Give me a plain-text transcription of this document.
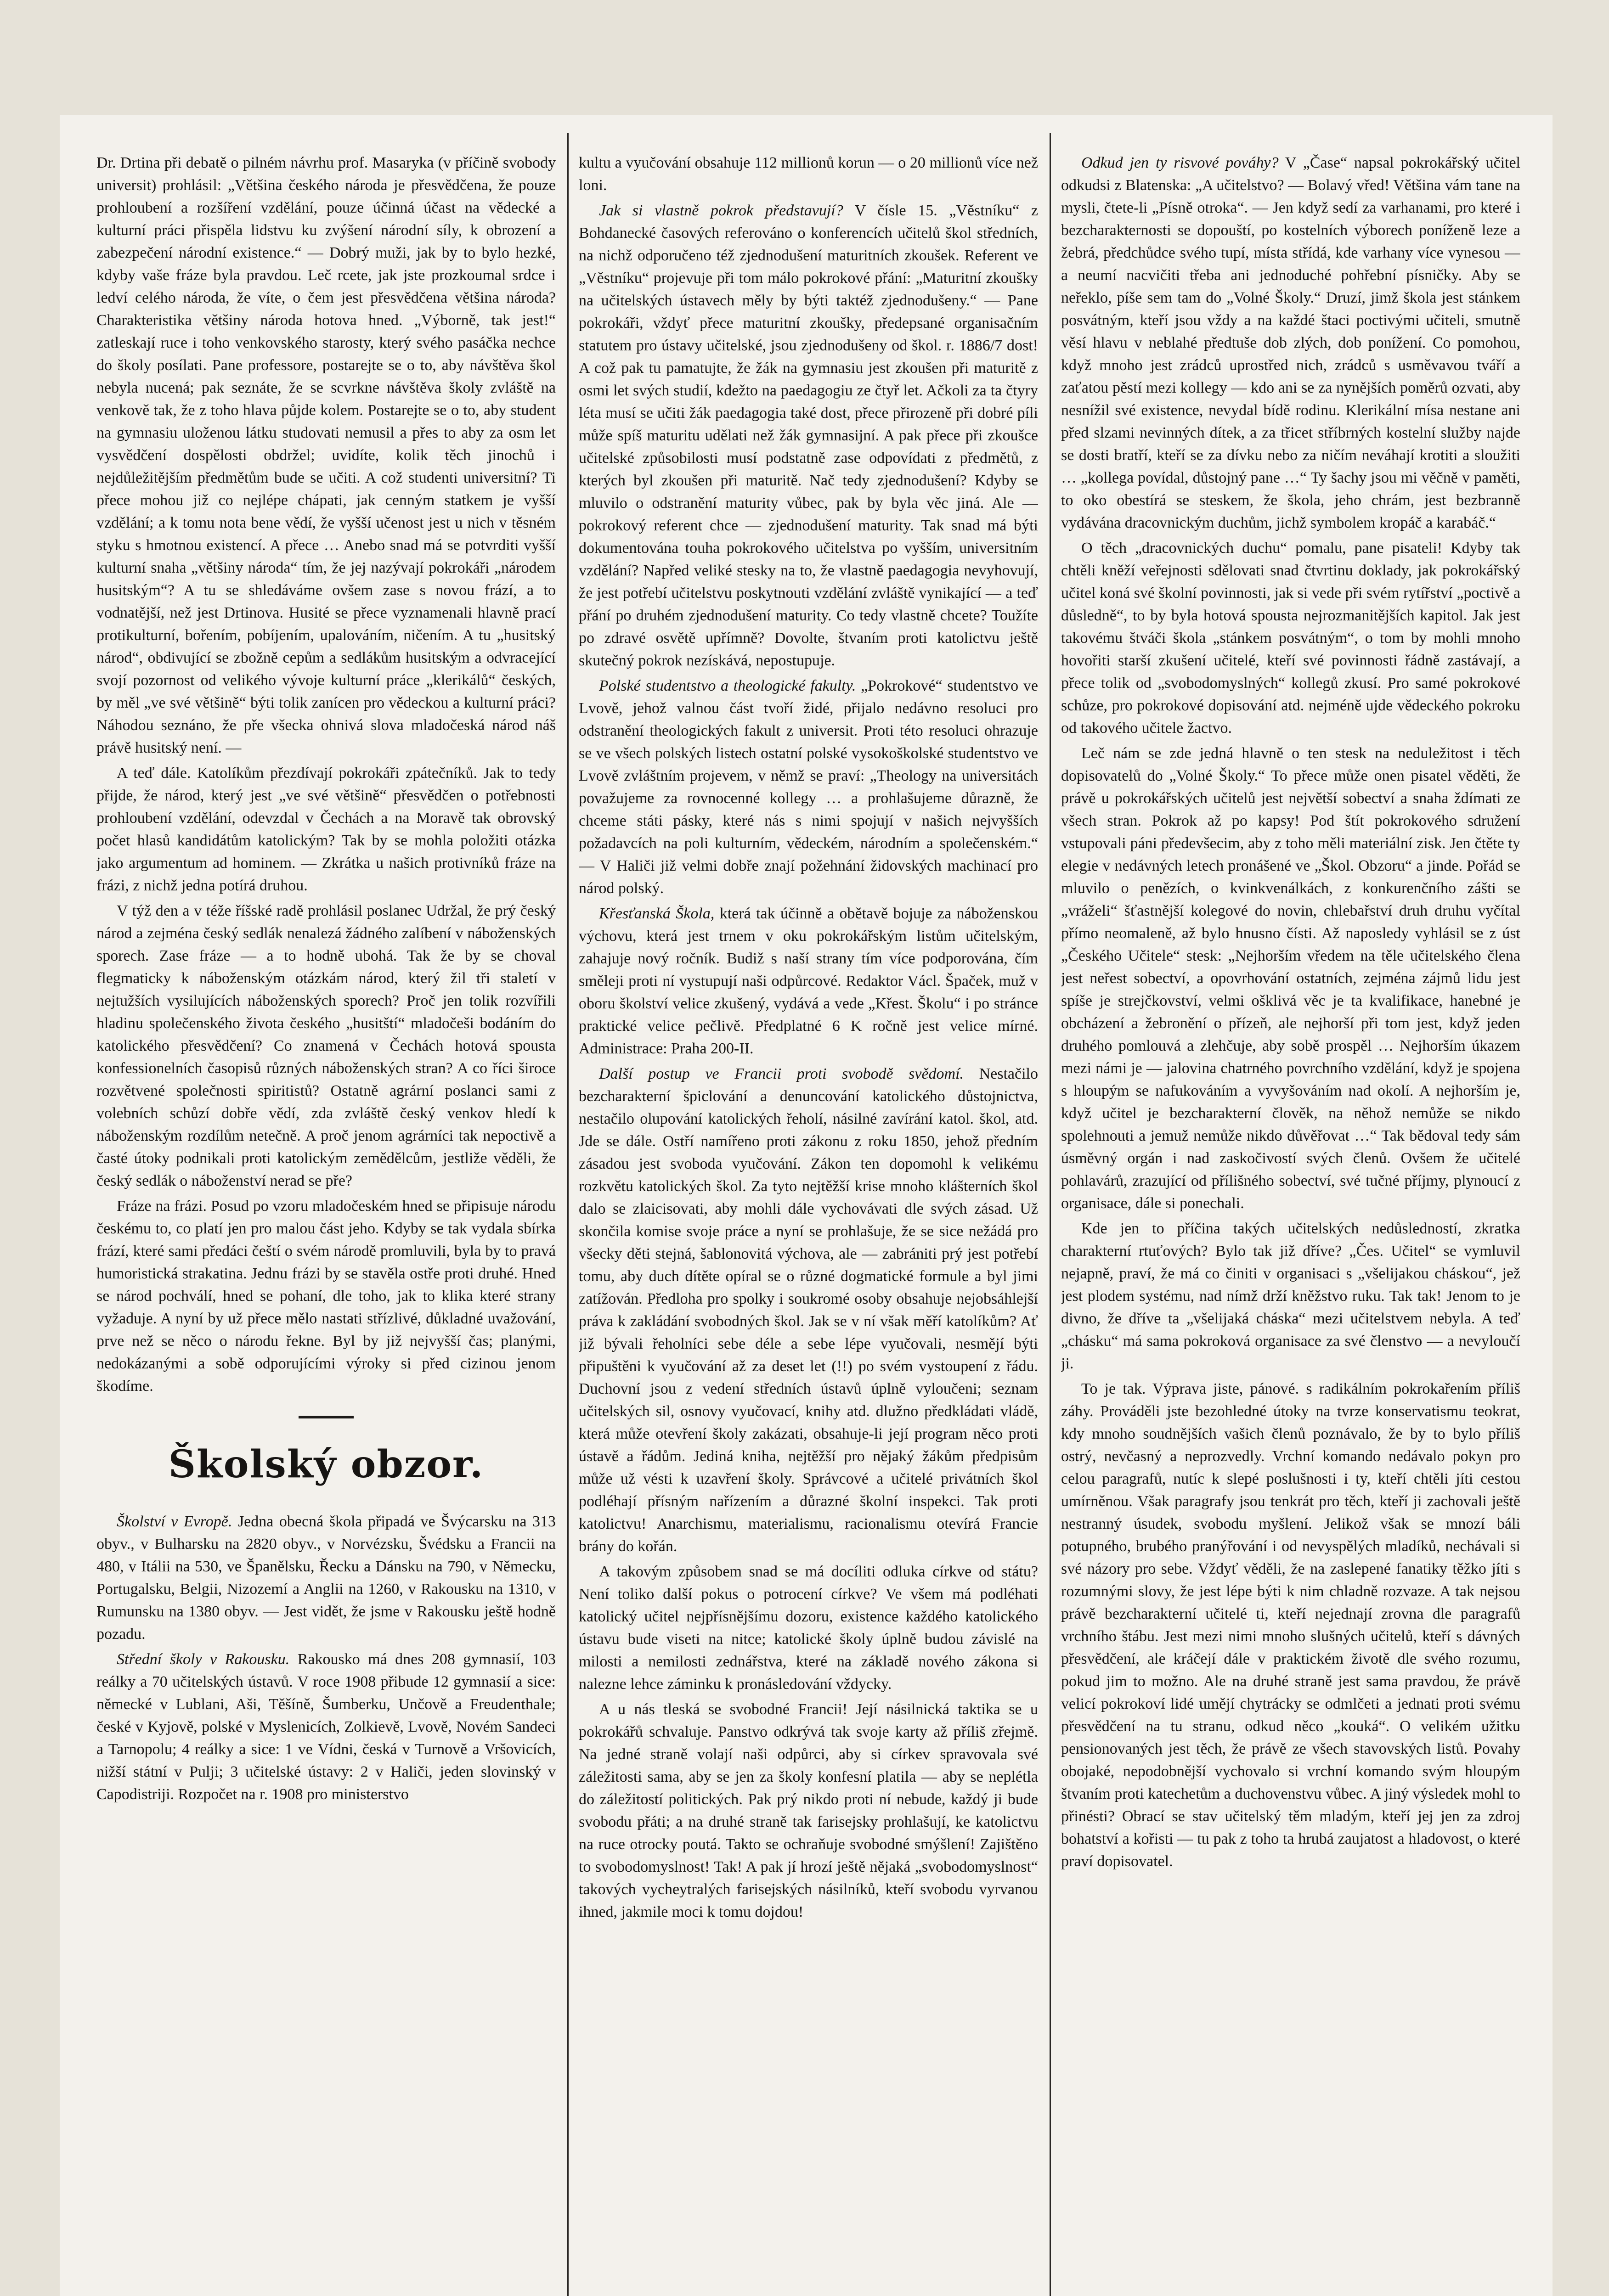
Dr. Drtina při debatě o pilném návrhu prof. Masaryka (v příčině svobody universit) prohlásil: „Většina českého národa je přesvědčena, že pouze prohloubení a rozšíření vzdělání, pouze účinná účast na vědecké a kulturní práci přispěla lidstvu ku zvýšení národní síly, k obrození a zabezpečení národní existence.“ — Dobrý muži, jak by to bylo hezké, kdyby vaše fráze byla pravdou. Leč rcete, jak jste prozkoumal srdce i ledví celého národa, že víte, o čem jest přesvědčena většina národa? Charakteristika většiny národa hotova hned. „Výborně, tak jest!“ zatleskají ruce i toho venkovského starosty, který svého pasáčka nechce do školy posílati. Pane professore, postarejte se o to, aby návštěva škol nebyla nucená; pak seznáte, že se scvrkne návštěva školy zvláště na venkově tak, že z toho hlava půjde kolem. Postarejte se o to, aby student na gymnasiu uloženou látku studovati nemusil a přes to aby za osm let vysvědčení dospělosti obdržel; uvidíte, kolik těch jinochů i nejdůležitějším předmětům bude se učiti. A což studenti universitní? Ti přece mohou již co nejlépe chápati, jak cenným statkem je vyšší vzdělání; a k tomu nota bene vědí, že vyšší učenost jest u nich v těsném styku s hmotnou existencí. A přece … Anebo snad má se potvrditi vyšší kulturní snaha „většiny národa“ tím, že jej nazývají pokrokáři „národem husitským“? A tu se shledáváme ovšem zase s novou frází, a to vodnatější, než jest Drtinova. Husité se přece vyznamenali hlavně prací protikulturní, bořením, pobíjením, upalováním, ničením. A tu „husitský národ“, obdivující se zbožně cepům a sedlákům husitským a odvracející svojí pozornost od velikého vývoje kulturní práce „klerikálů“ českých, by měl „ve své většině“ býti tolik zanícen pro vědeckou a kulturní práci? Náhodou seznáno, že pře všecka ohnivá slova mladočeská národ náš právě husitský není. —

A teď dále. Katolíkům přezdívají pokrokáři zpátečníků. Jak to tedy přijde, že národ, který jest „ve své většině“ přesvědčen o potřebnosti prohloubení vzdělání, odevzdal v Čechách a na Moravě tak obrovský počet hlasů kandidátům katolickým? Tak by se mohla položiti otázka jako argumentum ad hominem. — Zkrátka u našich protivníků fráze na frázi, z nichž jedna potírá druhou.

V týž den a v téže říšské radě prohlásil poslanec Udržal, že prý český národ a zejména český sedlák nenalezá žádného zalíbení v náboženských sporech. Zase fráze — a to hodně ubohá. Tak že by se choval flegmaticky k náboženským otázkám národ, který žil tři staletí v nejtužších vysilujících náboženských sporech? Proč jen tolik rozvířili hladinu společenského života českého „husitští“ mladočeši bodáním do katolického přesvědčení? Co znamená v Čechách hotová spousta konfessionelních časopisů různých náboženských stran? A co říci široce rozvětvené společnosti spiritistů? Ostatně agrární poslanci sami z volebních schůzí dobře vědí, zda zvláště český venkov hledí k náboženským rozdílům netečně. A proč jenom agrárníci tak nepoctivě a časté útoky podnikali proti katolickým zemědělcům, jestliže věděli, že český sedlák o náboženství nerad se pře?

Fráze na frázi. Posud po vzoru mladočeském hned se připisuje národu českému to, co platí jen pro malou část jeho. Kdyby se tak vydala sbírka frází, které sami předáci čeští o svém národě promluvili, byla by to pravá humoristická strakatina. Jednu frázi by se stavěla ostře proti druhé. Hned se národ pochválí, hned se pohaní, dle toho, jak to klika které strany vyžaduje. A nyní by už přece mělo nastati střízlivé, důkladné uvažování, prve než se něco o národu řekne. Byl by již nejvyšší čas; planými, nedokázanými a sobě odporujícími výroky si před cizinou jenom škodíme.

Školský obzor.

Školství v Evropě. Jedna obecná škola připadá ve Švýcarsku na 313 obyv., v Bulharsku na 2820 obyv., v Norvézsku, Švédsku a Francii na 480, v Itálii na 530, ve Španělsku, Řecku a Dánsku na 790, v Německu, Portugalsku, Belgii, Nizozemí a Anglii na 1260, v Rakousku na 1310, v Rumunsku na 1380 obyv. — Jest vidět, že jsme v Rakousku ještě hodně pozadu.

Střední školy v Rakousku. Rakousko má dnes 208 gymnasií, 103 reálky a 70 učitelských ústavů. V roce 1908 přibude 12 gymnasií a sice: německé v Lublani, Aši, Těšíně, Šumberku, Unčově a Freudenthale; české v Kyjově, polské v Myslenicích, Zolkievě, Lvově, Novém Sandeci a Tarnopolu; 4 reálky a sice: 1 ve Vídni, česká v Turnově a Vršovicích, nižší státní v Pulji; 3 učitelské ústavy: 2 v Haliči, jeden slovinský v Capodistriji. Rozpočet na r. 1908 pro ministerstvo

kultu a vyučování obsahuje 112 millionů korun — o 20 millionů více než loni.

Jak si vlastně pokrok představují? V čísle 15. „Věstníku“ z Bohdanecké časových referováno o konferencích učitelů škol středních, na nichž odporučeno též zjednodušení maturitních zkoušek. Referent ve „Věstníku“ projevuje při tom málo pokrokové přání: „Maturitní zkoušky na učitelských ústavech měly by býti taktéž zjednodušeny.“ — Pane pokrokáři, vždyť přece maturitní zkoušky, předepsané organisačním statutem pro ústavy učitelské, jsou zjednodušeny od škol. r. 1886/7 dost! A což pak tu pamatujte, že žák na gymnasiu jest zkoušen při maturitě z osmi let svých studií, kdežto na paedagogiu ze čtyř let. Ačkoli za ta čtyry léta musí se učiti žák paedagogia také dost, přece přirozeně při dobré píli může spíš maturitu udělati než žák gymnasijní. A pak přece při zkoušce učitelské způsobilosti musí podstatně zase odpovídati z předmětů, z kterých byl zkoušen při maturitě. Nač tedy zjednodušení? Kdyby se mluvilo o odstranění maturity vůbec, pak by byla věc jiná. Ale — pokrokový referent chce — zjednodušení maturity. Tak snad má býti dokumentována touha pokrokového učitelstva po vyšším, universitním vzdělání? Napřed veliké stesky na to, že vlastně paedagogia nevyhovují, že jest potřebí učitelstvu poskytnouti vzdělání zvláště vynikající — a teď přání po druhém zjednodušení maturity. Co tedy vlastně chcete? Toužíte po zdravé osvětě upřímně? Dovolte, štvaním proti katolictvu ještě skutečný pokrok nezískává, nepostupuje.

Polské studentstvo a theologické fakulty. „Pokrokové“ studentstvo ve Lvově, jehož valnou část tvoří židé, přijalo nedávno resoluci pro odstranění theologických fakult z universit. Proti této resoluci ohrazuje se ve všech polských listech ostatní polské vysokoškolské studentstvo ve Lvově zvláštním projevem, v němž se praví: „Theology na universitách považujeme za rovnocenné kollegy … a prohlašujeme důrazně, že chceme státi pásky, které nás s nimi spojují v našich nejvyšších požadavcích na poli kulturním, vědeckém, národním a společenském.“ — V Haliči již velmi dobře znají požehnání židovských machinací pro národ polský.

Křesťanská Škola, která tak účinně a obětavě bojuje za náboženskou výchovu, která jest trnem v oku pokrokářským listům učitelským, zahajuje nový ročník. Budiž s naší strany tím více podporována, čím směleji proti ní vystupují naši odpůrcové. Redaktor Václ. Špaček, muž v oboru školství velice zkušený, vydává a vede „Křest. Školu“ i po stránce praktické velice pečlivě. Předplatné 6 K ročně jest velice mírné. Administrace: Praha 200-II.

Další postup ve Francii proti svobodě svědomí. Nestačilo bezcharakterní špiclování a denuncování katolického důstojnictva, nestačilo olupování katolických řeholí, násilné zavírání katol. škol, atd. Jde se dále. Ostří namířeno proti zákonu z roku 1850, jehož předním zásadou jest svoboda vyučování. Zákon ten dopomohl k velikému rozkvětu katolických škol. Za tyto nejtěžší krise mnoho klášterních škol dalo se zlaicisovati, aby mohli dále vychovávati dle svých zásad. Už skončila komise svoje práce a nyní se prohlašuje, že se sice nežádá pro všecky děti stejná, šablonovitá výchova, ale — zabrániti prý jest potřebí tomu, aby duch dítěte opíral se o různé dogmatické formule a byl jimi zatížován. Předloha pro spolky i soukromé osoby obsahuje nejobsáhlejší práva k zakládání svobodných škol. Jak se v ní však měří katolíkům? Ať již bývali řeholníci sebe déle a sebe lépe vyučovali, nesmějí býti připuštěni k vyučování až za deset let (!!) po svém vystoupení z řádu. Duchovní jsou z vedení středních ústavů úplně vyloučeni; seznam učitelských sil, osnovy vyučovací, knihy atd. dlužno předkládati vládě, která může otevření školy zakázati, obsahuje-li její program něco proti ústavě a řádům. Jediná kniha, nejtěžší pro nějaký žákům předpisům může už vésti k uzavření školy. Správcové a učitelé privátních škol podléhají přísným nařízením a důrazné školní inspekci. Tak proti katolictvu! Anarchismu, materialismu, racionalismu otevírá Francie brány do kořán.

A takovým způsobem snad se má docíliti odluka církve od státu? Není toliko další pokus o potrocení církve? Ve všem má podléhati katolický učitel nejpřísnějšímu dozoru, existence každého katolického ústavu bude viseti na nitce; katolické školy úplně budou závislé na milosti a nemilosti zednářstva, které na základě nového zákona si nalezne lehce záminku k pronásledování vždycky.

A u nás tleská se svobodné Francii! Její násilnická taktika se u pokrokářů schvaluje. Panstvo odkrývá tak svoje karty až příliš zřejmě. Na jedné straně volají naši odpůrci, aby si církev spravovala své záležitosti sama, aby se jen za školy konfesní platila — aby se neplétla do záležitostí politických. Pak prý nikdo proti ní nebude, každý ji bude svobodu přáti; a na druhé straně tak farisejsky prohlašují, ke katolictvu na ruce otrocky poutá. Takto se ochraňuje svobodné smýšlení! Zajištěno to svobodomyslnost! Tak! A pak jí hrozí ještě nějaká „svobodomyslnost“ takových vycheytralých farisejských násilníků, kteří svobodu vyrvanou ihned, jakmile moci k tomu dojdou!

Odkud jen ty risvové pováhy? V „Čase“ napsal pokrokářský učitel odkudsi z Blatenska: „A učitelstvo? — Bolavý vřed! Většina vám tane na mysli, čtete-li „Písně otroka“. — Jen když sedí za varhanami, pro které i bezcharakternosti se dopouští, po kostelních výborech poníženě leze a žebrá, předchůdce svého tupí, místa střídá, kde varhany více vynesou — a neumí nacvičiti třeba ani jednoduché pohřební písničky. Aby se neřeklo, píše sem tam do „Volné Školy.“ Druzí, jimž škola jest stánkem posvátným, kteří jsou vždy a na každé štaci poctivými učiteli, smutně věsí hlavu v neblahé předtuše dob zlých, dob ponížení. Co pomohou, když mnoho jest zrádců uprostřed nich, zrádců s usměvavou tváří a zaťatou pěstí mezi kollegy — kdo ani se za nynějších poměrů ozvati, aby nesnížil své existence, nevydal bídě rodinu. Klerikální mísa nestane ani před slzami nevinných dítek, a za třicet stříbrných kostelní služby najde se dosti bratří, kteří se za dívku nebo za ničím neváhají krotiti a sloužiti … „kollega povídal, důstojný pane …“ Ty šachy jsou mi věčně v paměti, to oko obestírá se steskem, že škola, jeho chrám, jest bezbranně vydávána dracovnickým duchům, jichž symbolem kropáč a karabáč.“

O těch „dracovnických duchu“ pomalu, pane pisateli! Kdyby tak chtěli kněží veřejnosti sdělovati snad čtvrtinu doklady, jak pokrokářský učitel koná své školní povinnosti, jak si vede při svém rytířství „poctivě a důsledně“, to by byla hotová spousta nejrozmanitějších kapitol. Jak jest takovému štváči škola „stánkem posvátným“, o tom by mohli mnoho hovořiti starší zkušení učitelé, kteří své povinnosti řádně zastávají, a přece tolik od „svobodomyslných“ kollegů zkusí. Pro samé pokrokové schůze, pro pokrokové dopisování atd. nejméně ujde vědeckého pokroku od takového učitele žactvo.

Leč nám se zde jedná hlavně o ten stesk na neduležitost i těch dopisovatelů do „Volné Školy.“ To přece může onen pisatel věděti, že právě u pokrokářských učitelů jest největší sobectví a snaha ždímati ze všech stran. Pokrok až po kapsy! Pod štít pokrokového sdružení vstupovali páni předevšecim, aby z toho měli materiální zisk. Jen čtěte ty elegie v nedávných letech pronášené ve „Škol. Obzoru“ a jinde. Pořád se mluvilo o penězích, o kvinkvenálkách, z konkurenčního zášti se „vráželi“ šťastnější kolegové do novin, chlebařství druh druhu vyčítal přímo neomaleně, až bylo hnusno čísti. Až naposledy vyhlásil se z úst „Českého Učitele“ stesk: „Nejhorším vředem na těle učitelského člena jest neřest sobectví, a opovrhování ostatních, zejména zájmů lidu jest spíše je strejčkovství, velmi ošklivá věc je ta kvalifikace, hanebné je obcházení a žebronění o přízeň, ale nejhorší při tom jest, když jeden druhého pomlouvá a zlehčuje, aby sobě prospěl … Nejhorším úkazem mezi námi je — jalovina chatrného povrchního vzdělání, když je spojena s hloupým se nafukováním a vyvyšováním nad okolí. A nejhorším je, když učitel je bezcharakterní člověk, na něhož nemůže se nikdo spolehnouti a jemuž nemůže nikdo důvěřovat …“ Tak bědoval tedy sám úsměvný orgán i nad zaskočivostí svých členů. Ovšem že učitelé pohlavárů, zrazující od přílišného sobectví, své tučné příjmy, plynoucí z organisace, dále si ponechali.

Kde jen to příčina takých učitelských nedůsledností, zkratka charakterní rtuťových? Bylo tak již dříve? „Čes. Učitel“ se vymluvil nejapně, praví, že má co činiti v organisaci s „všelijakou cháskou“, jež jest plodem systému, nad nímž drží kněžstvo ruku. Tak tak! Jenom to je divno, že dříve ta „všelijaká cháska“ mezi učitelstvem nebyla. A teď „chásku“ má sama pokroková organisace za své členstvo — a nevyloučí ji.

To je tak. Výprava jiste, pánové. s radikálním pokrokařením příliš záhy. Prováděli jste bezohledné útoky na tvrze konservatismu teokrat, kdy mnoho soudnějších vašich členů poznávalo, že by to bylo příliš ostrý, nevčasný a neprozvedly. Vrchní komando nedávalo pokyn pro celou paragrafů, nutíc k slepé poslušnosti i ty, kteří chtěli jíti cestou umírněnou. Však paragrafy jsou tenkrát pro těch, kteří ji zachovali ještě nestranný úsudek, svobodu myšlení. Jelikož však se mnozí báli potupného, brubého pranýřování i od nevyspělých mladíků, nechávali si své názory pro sebe. Vždyť věděli, že na zaslepené fanatiky těžko jíti s rozumnými slovy, že jest lépe býti k nim chladně rozvaze. A tak nejsou právě bezcharakterní učitelé ti, kteří nejednají zrovna dle paragrafů vrchního štábu. Jest mezi nimi mnoho slušných učitelů, kteří s dávných přesvědčení, ale kráčejí dále v praktickém životě dle svého rozumu, pokud jim to možno. Ale na druhé straně jest sama pravdou, že právě velicí pokrokoví lidé umějí chytráckу se odmlčeti a jednati proti svému přesvědčení na tu stranu, odkud něco „kouká“. O velikém užitku pensionovaných jest těch, že právě ze všech stavovských listů. Povahy obojaké, nepodobnější vychovalo si vrchní komando svým hloupým štvaním proti katechetům a duchovenstvu vůbec. A jiný výsledek mohl to přinésti? Obrací se stav učitelský těm mladým, kteří jej jen za zdroj bohatství a kořisti — tu pak z toho ta hrubá zaujatost a hladovost, o které praví dopisovatel.
